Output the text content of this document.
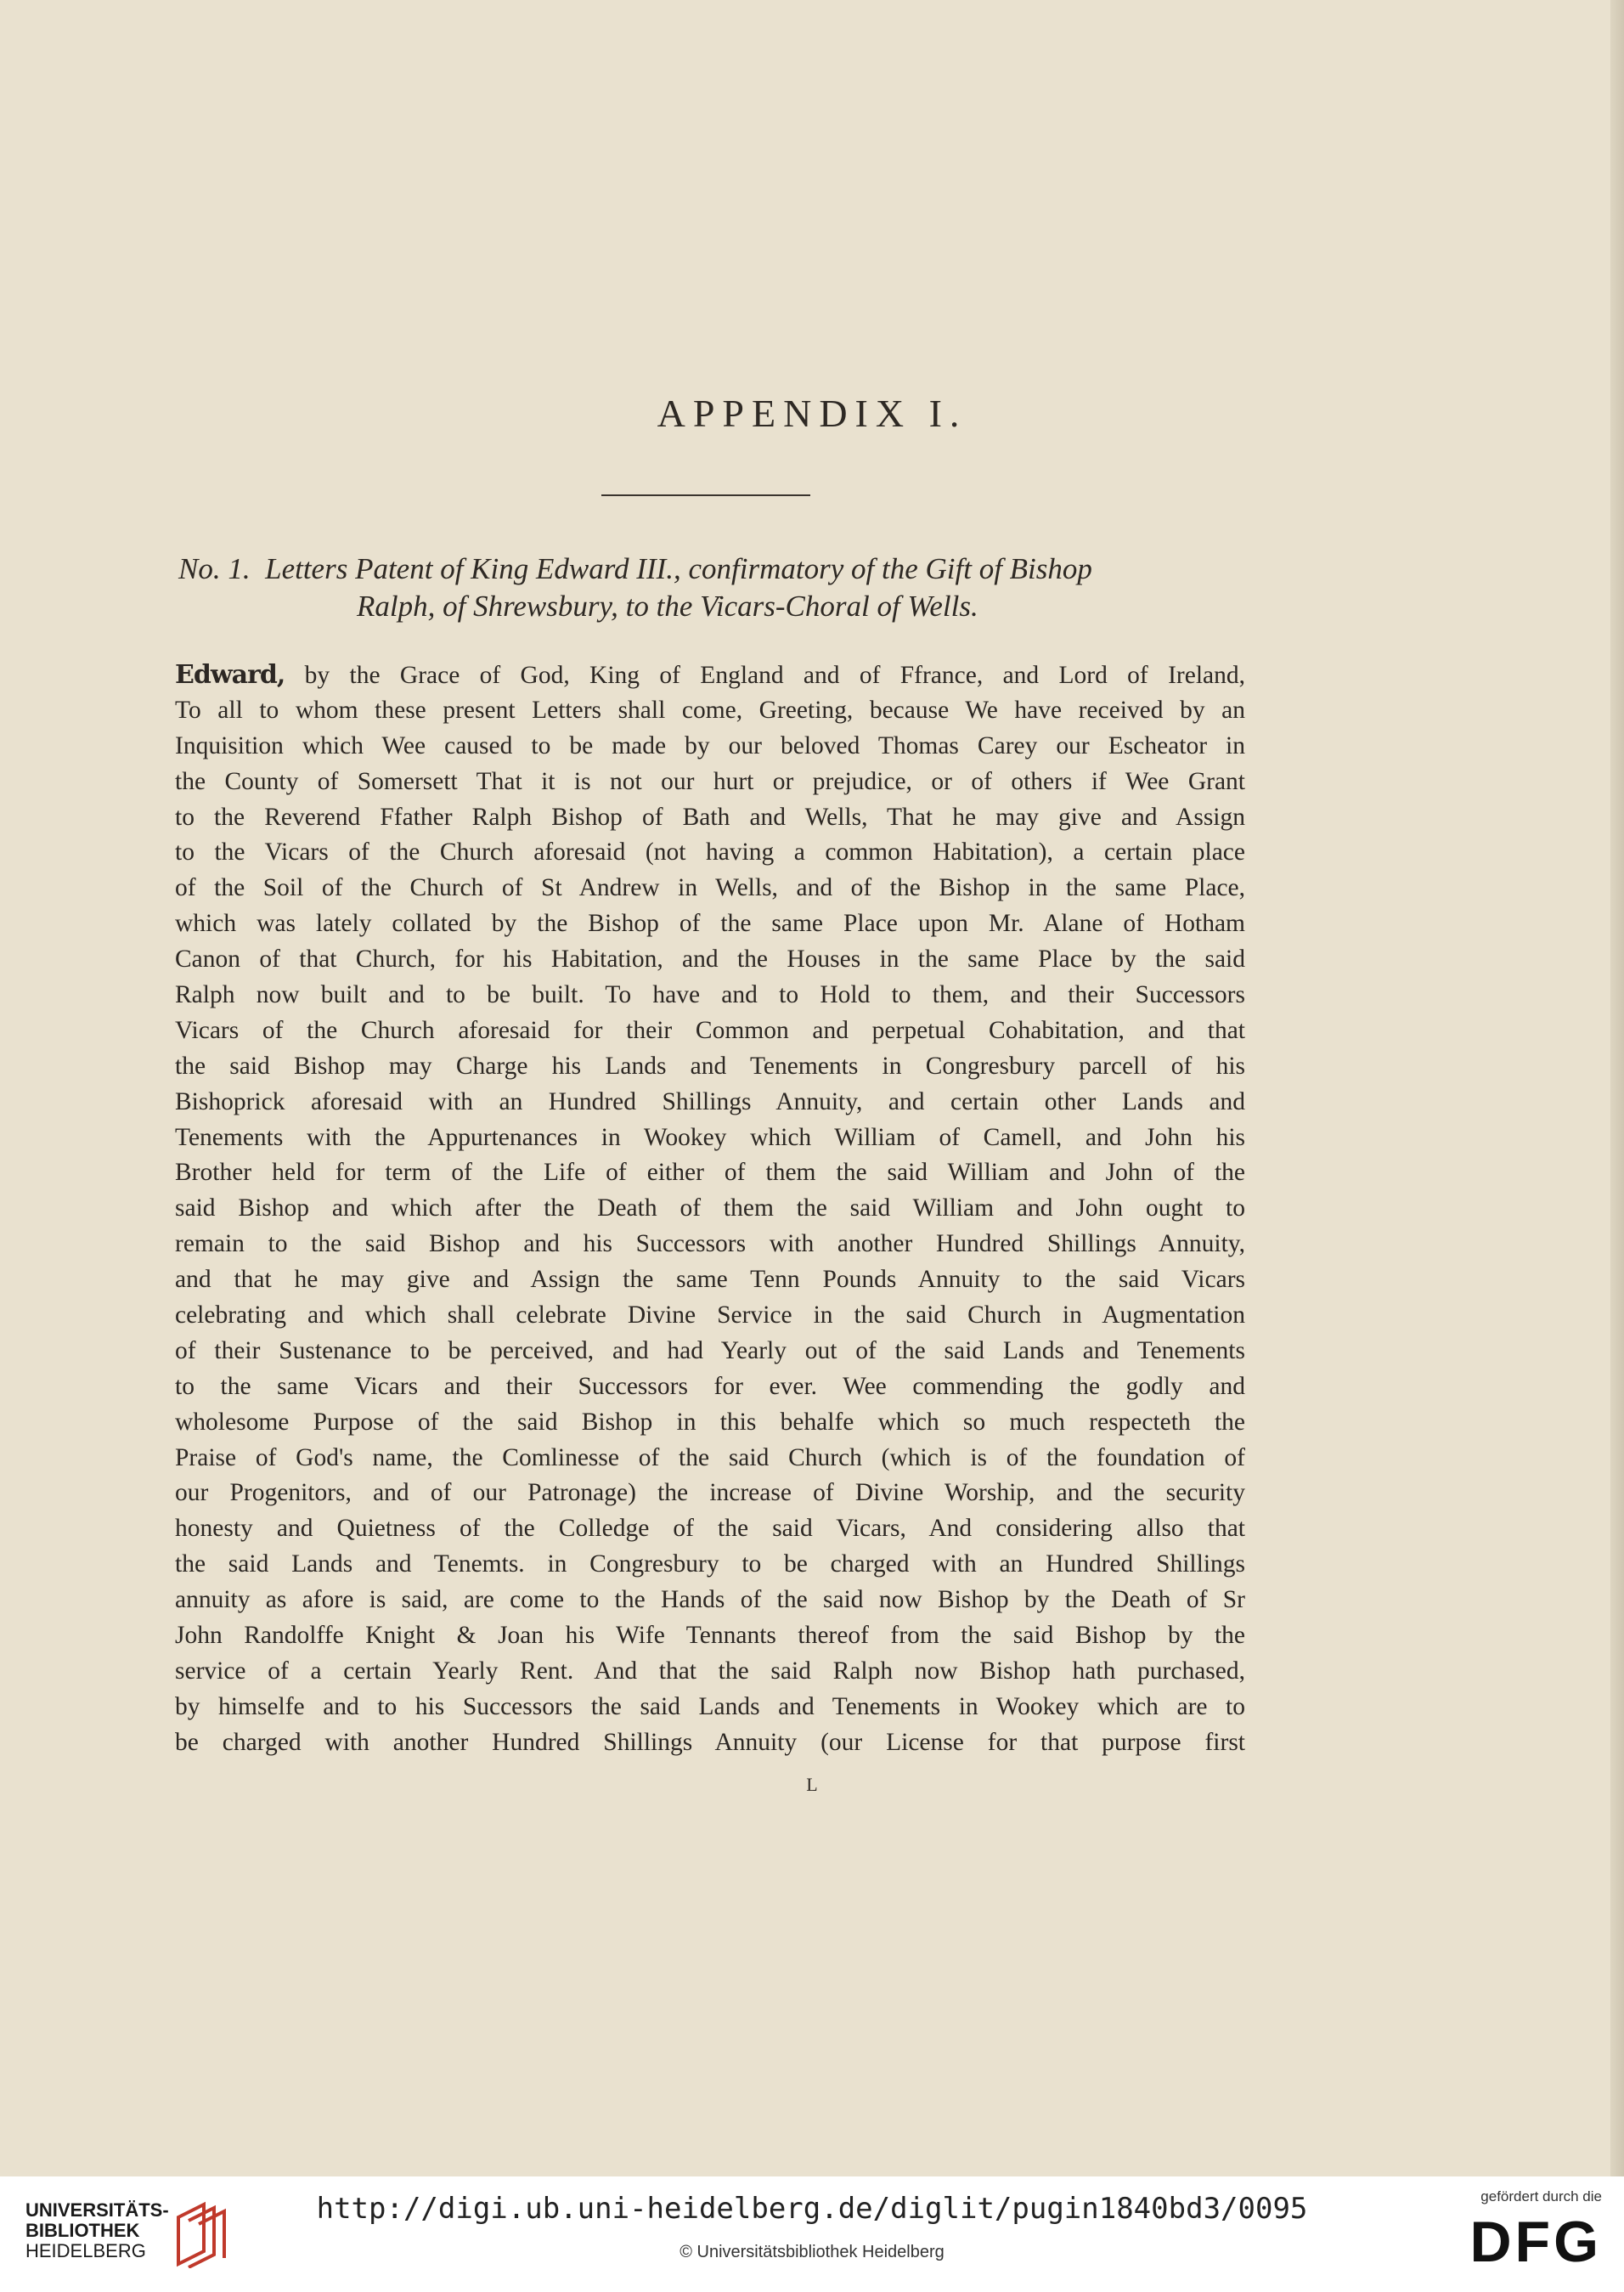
APPENDIX I.
No. 1. Letters Patent of King Edward III., confirmatory of the Gift of Bishop
Ralph, of Shrewsbury, to the Vicars-Choral of Wells.
Edward, by the Grace of God, King of England and of Ffrance, and Lord of Ireland,
To all to whom these present Letters shall come, Greeting, because We have received by an
Inquisition which Wee caused to be made by our beloved Thomas Carey our Escheator in
the County of Somersett That it is not our hurt or prejudice, or of others if Wee Grant
to the Reverend Ffather Ralph Bishop of Bath and Wells, That he may give and Assign
to the Vicars of the Church aforesaid (not having a common Habitation), a certain place
of the Soil of the Church of St Andrew in Wells, and of the Bishop in the same Place,
which was lately collated by the Bishop of the same Place upon Mr. Alane of Hotham
Canon of that Church, for his Habitation, and the Houses in the same Place by the said
Ralph now built and to be built. To have and to Hold to them, and their Successors
Vicars of the Church aforesaid for their Common and perpetual Cohabitation, and that
the said Bishop may Charge his Lands and Tenements in Congresbury parcell of his
Bishoprick aforesaid with an Hundred Shillings Annuity, and certain other Lands and
Tenements with the Appurtenances in Wookey which William of Camell, and John his
Brother held for term of the Life of either of them the said William and John of the
said Bishop and which after the Death of them the said William and John ought to
remain to the said Bishop and his Successors with another Hundred Shillings Annuity,
and that he may give and Assign the same Tenn Pounds Annuity to the said Vicars
celebrating and which shall celebrate Divine Service in the said Church in Augmentation
of their Sustenance to be perceived, and had Yearly out of the said Lands and Tenements
to the same Vicars and their Successors for ever. Wee commending the godly and
wholesome Purpose of the said Bishop in this behalfe which so much respecteth the
Praise of God's name, the Comlinesse of the said Church (which is of the foundation of
our Progenitors, and of our Patronage) the increase of Divine Worship, and the security
honesty and Quietness of the Colledge of the said Vicars, And considering allso that
the said Lands and Tenemts. in Congresbury to be charged with an Hundred Shillings
annuity as afore is said, are come to the Hands of the said now Bishop by the Death of Sr
John Randolffe Knight & Joan his Wife Tennants thereof from the said Bishop by the
service of a certain Yearly Rent. And that the said Ralph now Bishop hath purchased,
by himselfe and to his Successors the said Lands and Tenements in Wookey which are to
be charged with another Hundred Shillings Annuity (our License for that purpose first
L
UNIVERSITÄTS-
BIBLIOTHEK
HEIDELBERG
http://digi.ub.uni-heidelberg.de/diglit/pugin1840bd3/0095
© Universitätsbibliothek Heidelberg
gefördert durch die
DFG
